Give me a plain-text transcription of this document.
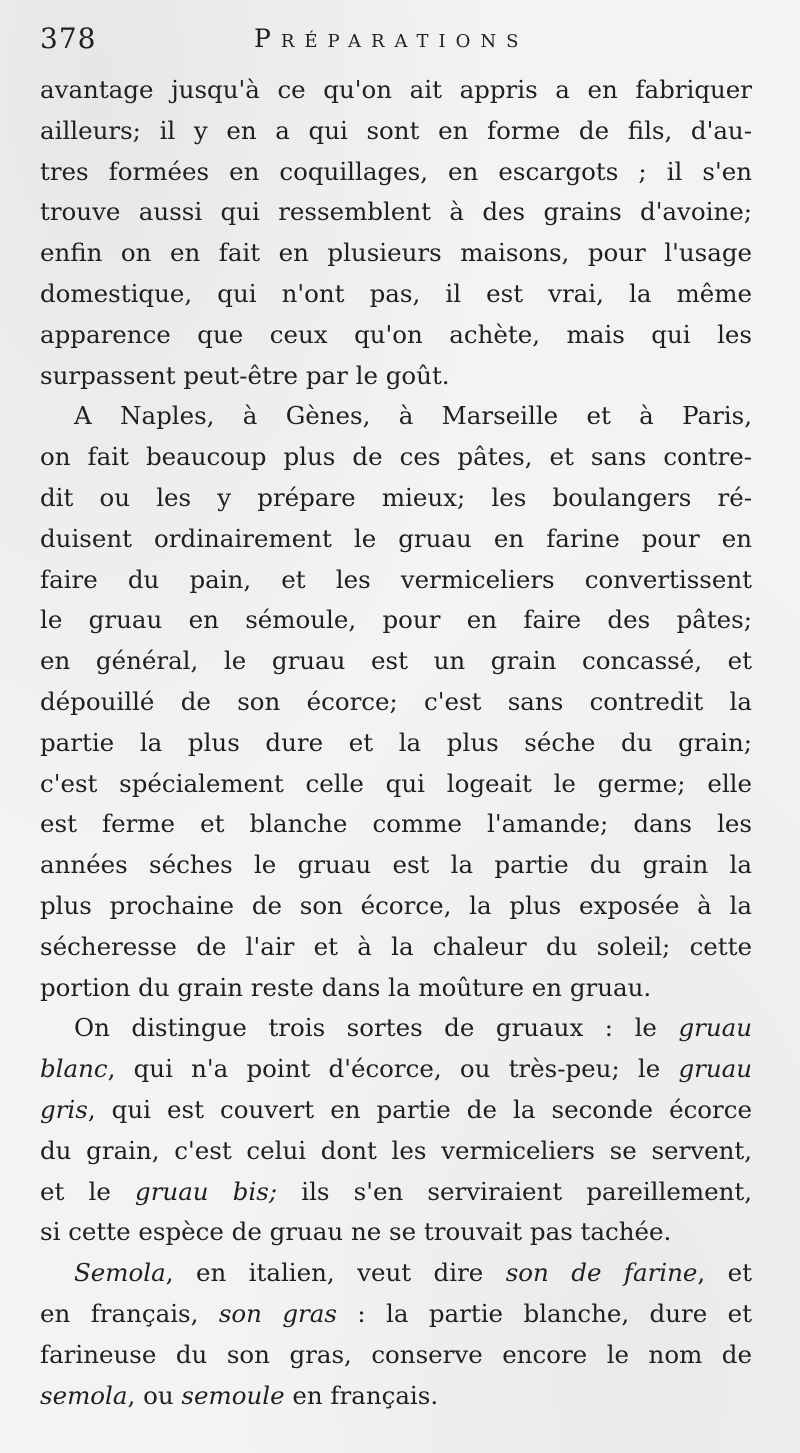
378	Préparations
avantage jusqu'à ce qu'on ait appris a en fabriquer
ailleurs; il y en a qui sont en forme de fils, d'au-
tres formées en coquillages, en escargots ; il s'en
trouve aussi qui ressemblent à des grains d'avoine;
enfin on en fait en plusieurs maisons, pour l'usage
domestique, qui n'ont pas, il est vrai, la même
apparence que ceux qu'on achète, mais qui les
surpassent peut-être par le goût.
A Naples, à Gènes, à Marseille et à Paris,
on fait beaucoup plus de ces pâtes, et sans contre-
dit ou les y prépare mieux; les boulangers ré-
duisent ordinairement le gruau en farine pour en
faire du pain, et les vermiceliers convertissent
le gruau en sémoule, pour en faire des pâtes;
en général, le gruau est un grain concassé, et
dépouillé de son écorce; c'est sans contredit la
partie la plus dure et la plus séche du grain;
c'est spécialement celle qui logeait le germe; elle
est ferme et blanche comme l'amande; dans les
années séches le gruau est la partie du grain la
plus prochaine de son écorce, la plus exposée à la
sécheresse de l'air et à la chaleur du soleil; cette
portion du grain reste dans la moûture en gruau.
On distingue trois sortes de gruaux : le gruau
blanc, qui n'a point d'écorce, ou très-peu; le gruau
gris, qui est couvert en partie de la seconde écorce
du grain, c'est celui dont les vermiceliers se servent,
et le gruau bis; ils s'en serviraient pareillement,
si cette espèce de gruau ne se trouvait pas tachée.
Semola, en italien, veut dire son de farine, et
en français, son gras : la partie blanche, dure et
farineuse du son gras, conserve encore le nom de
semola, ou semoule en français.
